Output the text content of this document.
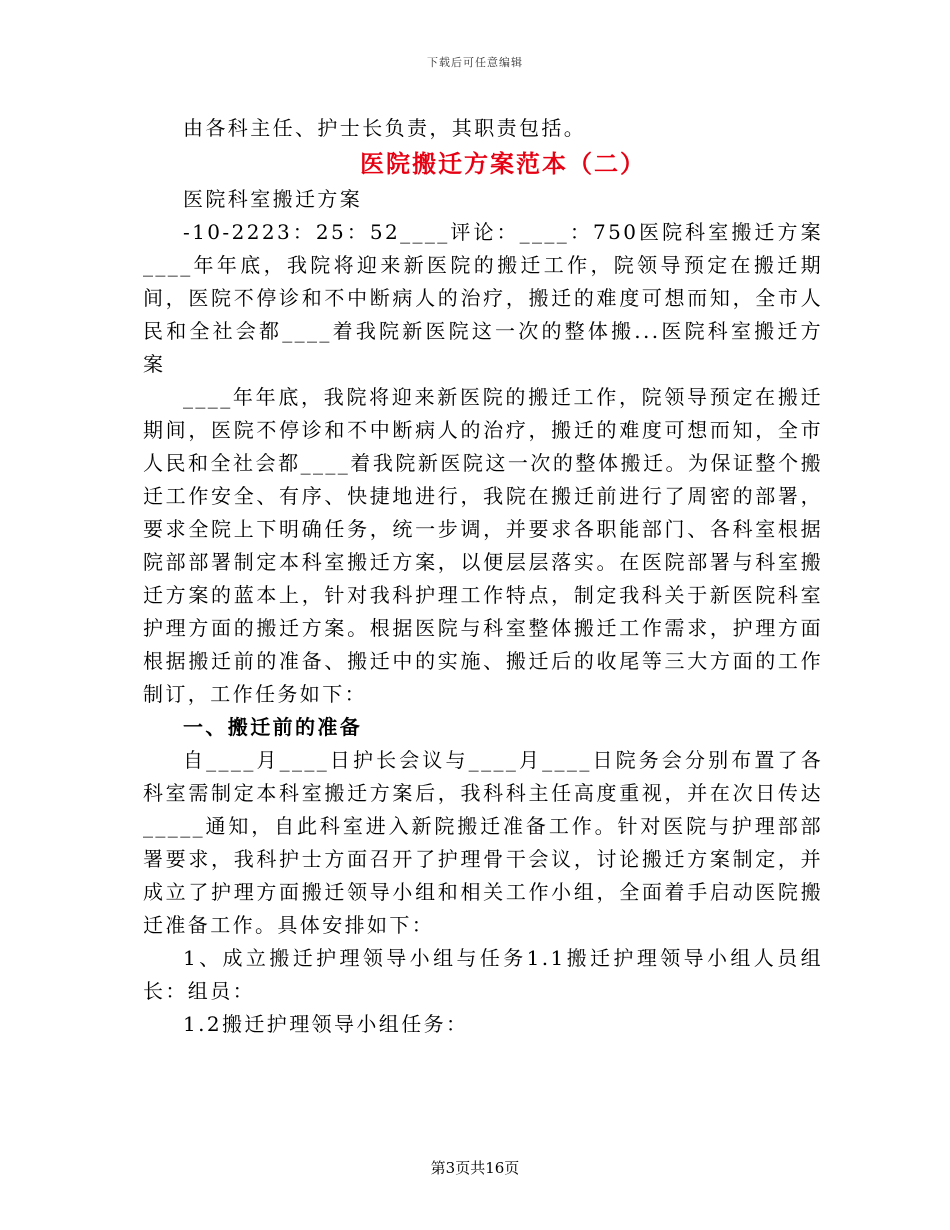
下载后可任意编辑

由各科主任、护士长负责，其职责包括。

医院搬迁方案范本（二）

医院科室搬迁方案

-10-2223：25：52____评论：____：750医院科室搬迁方案____年年底，我院将迎来新医院的搬迁工作，院领导预定在搬迁期间，医院不停诊和不中断病人的治疗，搬迁的难度可想而知，全市人民和全社会都____着我院新医院这一次的整体搬...医院科室搬迁方案

____年年底，我院将迎来新医院的搬迁工作，院领导预定在搬迁期间，医院不停诊和不中断病人的治疗，搬迁的难度可想而知，全市人民和全社会都____着我院新医院这一次的整体搬迁。为保证整个搬迁工作安全、有序、快捷地进行，我院在搬迁前进行了周密的部署，要求全院上下明确任务，统一步调，并要求各职能部门、各科室根据院部部署制定本科室搬迁方案，以便层层落实。在医院部署与科室搬迁方案的蓝本上，针对我科护理工作特点，制定我科关于新医院科室护理方面的搬迁方案。根据医院与科室整体搬迁工作需求，护理方面根据搬迁前的准备、搬迁中的实施、搬迁后的收尾等三大方面的工作制订，工作任务如下：

一、搬迁前的准备

自____月____日护长会议与____月____日院务会分别布置了各科室需制定本科室搬迁方案后，我科科主任高度重视，并在次日传达_____通知，自此科室进入新院搬迁准备工作。针对医院与护理部部署要求，我科护士方面召开了护理骨干会议，讨论搬迁方案制定，并成立了护理方面搬迁领导小组和相关工作小组，全面着手启动医院搬迁准备工作。具体安排如下：

1、成立搬迁护理领导小组与任务1.1搬迁护理领导小组人员组长：组员：

1.2搬迁护理领导小组任务：

第3页共16页
